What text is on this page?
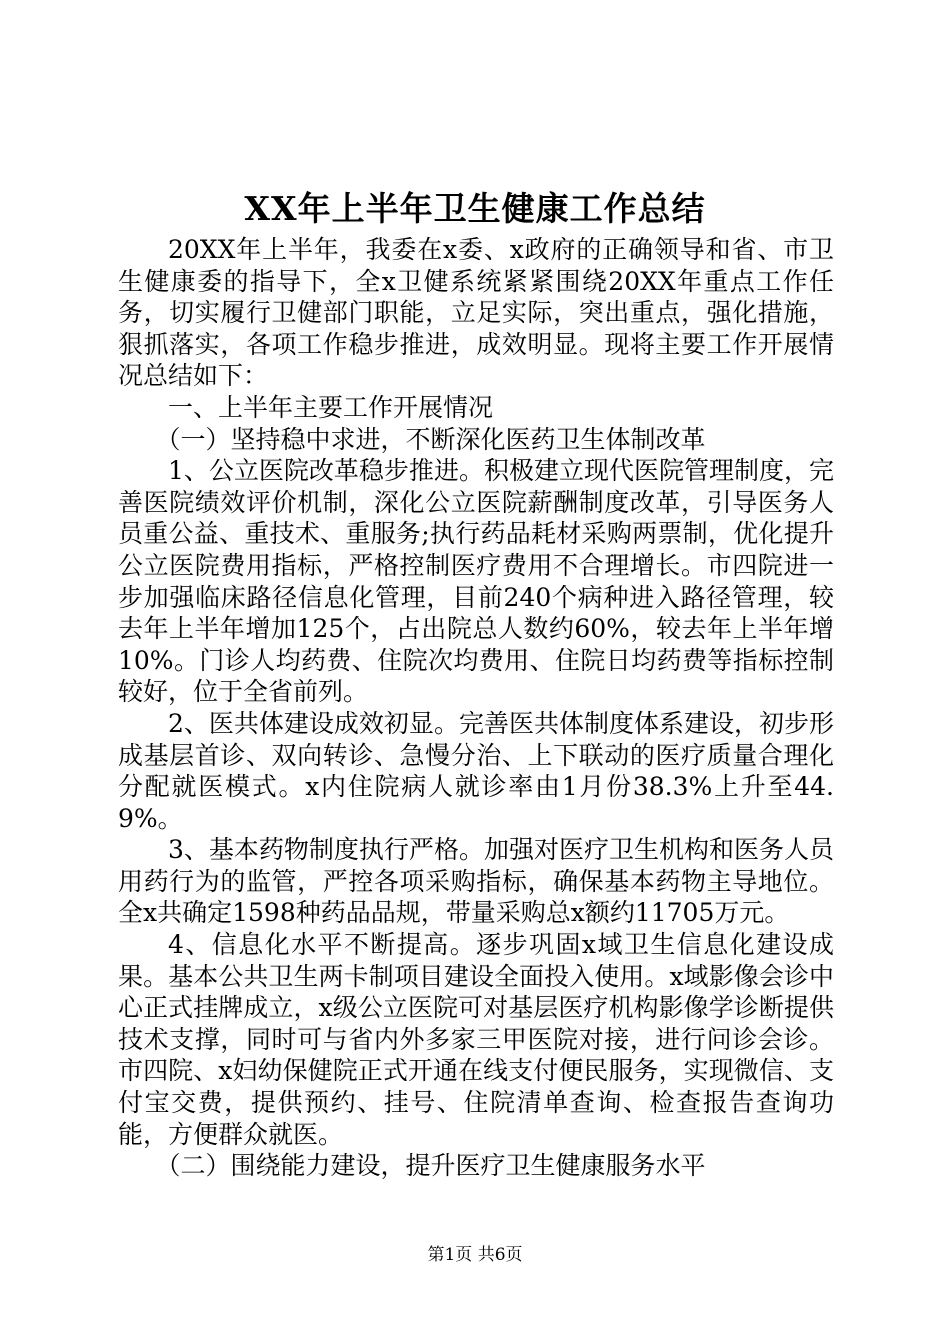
XX年上半年卫生健康工作总结

20XX年上半年，我委在x委、x政府的正确领导和省、市卫生健康委的指导下，全x卫健系统紧紧围绕20XX年重点工作任务，切实履行卫健部门职能，立足实际，突出重点，强化措施，狠抓落实，各项工作稳步推进，成效明显。现将主要工作开展情况总结如下：

一、上半年主要工作开展情况

（一）坚持稳中求进，不断深化医药卫生体制改革

1、公立医院改革稳步推进。积极建立现代医院管理制度，完善医院绩效评价机制，深化公立医院薪酬制度改革，引导医务人员重公益、重技术、重服务;执行药品耗材采购两票制，优化提升公立医院费用指标，严格控制医疗费用不合理增长。市四院进一步加强临床路径信息化管理，目前240个病种进入路径管理，较去年上半年增加125个，占出院总人数约60%，较去年上半年增10%。门诊人均药费、住院次均费用、住院日均药费等指标控制较好，位于全省前列。

2、医共体建设成效初显。完善医共体制度体系建设，初步形成基层首诊、双向转诊、急慢分治、上下联动的医疗质量合理化分配就医模式。x内住院病人就诊率由1月份38.3%上升至44.9%。

3、基本药物制度执行严格。加强对医疗卫生机构和医务人员用药行为的监管，严控各项采购指标，确保基本药物主导地位。全x共确定1598种药品品规，带量采购总x额约11705万元。

4、信息化水平不断提高。逐步巩固x域卫生信息化建设成果。基本公共卫生两卡制项目建设全面投入使用。x域影像会诊中心正式挂牌成立，x级公立医院可对基层医疗机构影像学诊断提供技术支撑，同时可与省内外多家三甲医院对接，进行问诊会诊。市四院、x妇幼保健院正式开通在线支付便民服务，实现微信、支付宝交费，提供预约、挂号、住院清单查询、检查报告查询功能，方便群众就医。

（二）围绕能力建设，提升医疗卫生健康服务水平

第1页 共6页
